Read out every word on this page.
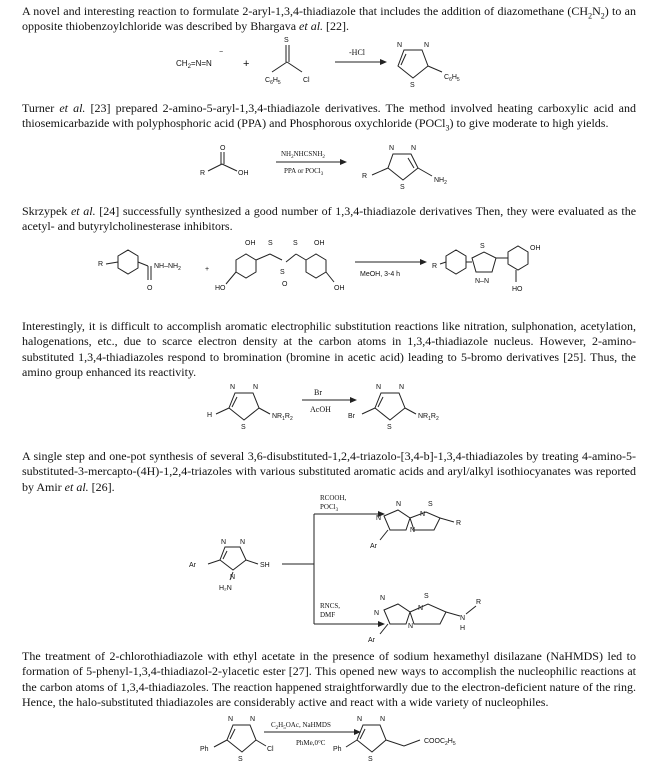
A novel and interesting reaction to formulate 2-aryl-1,3,4-thiadiazole that includes the addition of diazomethane $(CH_2N_2)$ to an opposite thiobenzoylchloride was described by Bhargava et al. [22].

$CH_2=N=N$
−
+
S
$C_6H_5$	Cl
-HCl
N	N
S
$C_6H_5$

Turner et al. [23] prepared 2-amino-5-aryl-1,3,4-thiadiazole derivatives. The method involved heating carboxylic acid and thiosemicarbazide with polyphosphoric acid (PPA) and Phosphorous oxychloride (POCl$_3$) to give moderate to high yields.

O
R	OH
$NH_2NHCSNH_2$
PPA or POCl$_3$
N N
R
S
$NH_2$

Skrzypek et al. [24] successfully synthesized a good number of 1,3,4-thiadiazole derivatives Then, they were evaluated as the acetyl- and butyrylcholinesterase inhibitors.

R
O
$NH-NH_2$	+
OH
HO
S	S
S
O
OH
OH
MeOH, 3-4 h
R
S
N–N
OH
HO

Interestingly, it is difficult to accomplish aromatic electrophilic substitution reactions like nitration, sulphonation, acetylation, halogenations, etc., due to scarce electron density at the carbon atoms in 1,3,4-thiadiazole nucleus. However, 2-amino-substituted 1,3,4-thiadiazoles respond to bromination (bromine in acetic acid) leading to 5-bromo derivatives [25]. Thus, the amino group enhanced its reactivity.

N	N
H
S
$NR_1R_2$
Br
AcOH
N	N
Br
S
$NR_1R_2$

A single step and one-pot synthesis of several 3,6-disubstituted-1,2,4-triazolo-[3,4-b]-1,3,4-thiadiazoles by treating 4-amino-5-substituted-3-mercapto-(4H)-1,2,4-triazoles with various substituted aromatic acids and aryl/alkyl isothiocyanates was reported by Amir et al. [26].

N N
Ar	SH
N
H₂N
RCOOH,
POCl$_3$
RNCS,
DMF
N
N
N
N
S
R
Ar
N
N
N
N
S
N
H
R
Ar

The treatment of 2-chlorothiadiazole with ethyl acetate in the presence of sodium hexamethyl disilazane (NaHMDS) led to formation of 5-phenyl-1,3,4-thiadiazol-2-ylacetic ester [27]. This opened new ways to accomplish the nucleophilic reactions at the carbon atoms of 1,3,4-thiadiazoles. The reaction happened straightforwardly due to the electron-deficient nature of the ring. Hence, the halo-substituted thiadiazoles are considerably active and react with a wide variety of nucleophiles.

N N
Ph
S
Cl
$C_2H_5OAc$, NaHMDS
PhMe,0°C
N	N
Ph
S
$COOC_2H_5$
